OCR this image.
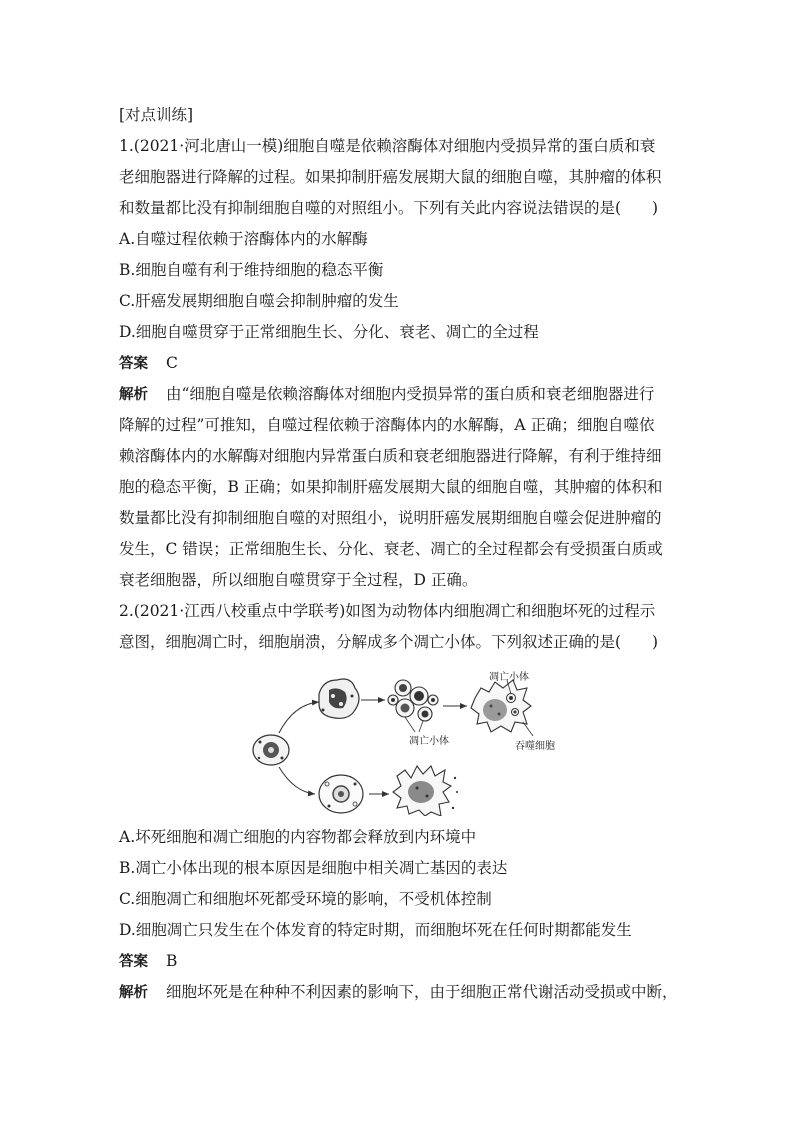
[对点训练]
1.(2021·河北唐山一模)细胞自噬是依赖溶酶体对细胞内受损异常的蛋白质和衰
老细胞器进行降解的过程。如果抑制肝癌发展期大鼠的细胞自噬，其肿瘤的体积
和数量都比没有抑制细胞自噬的对照组小。下列有关此内容说法错误的是(　　)
A.自噬过程依赖于溶酶体内的水解酶
B.细胞自噬有利于维持细胞的稳态平衡
C.肝癌发展期细胞自噬会抑制肿瘤的发生
D.细胞自噬贯穿于正常细胞生长、分化、衰老、凋亡的全过程
答案 C
解析 由“细胞自噬是依赖溶酶体对细胞内受损异常的蛋白质和衰老细胞器进行
降解的过程”可推知，自噬过程依赖于溶酶体内的水解酶，A 正确；细胞自噬依
赖溶酶体内的水解酶对细胞内异常蛋白质和衰老细胞器进行降解，有利于维持细
胞的稳态平衡，B 正确；如果抑制肝癌发展期大鼠的细胞自噬，其肿瘤的体积和
数量都比没有抑制细胞自噬的对照组小，说明肝癌发展期细胞自噬会促进肿瘤的
发生，C 错误；正常细胞生长、分化、衰老、凋亡的全过程都会有受损蛋白质或
衰老细胞器，所以细胞自噬贯穿于全过程，D 正确。
2.(2021·江西八校重点中学联考)如图为动物体内细胞凋亡和细胞坏死的过程示
意图，细胞凋亡时，细胞崩溃，分解成多个凋亡小体。下列叙述正确的是(　　)
凋亡小体
凋亡小体	吞噬细胞
A.坏死细胞和凋亡细胞的内容物都会释放到内环境中
B.凋亡小体出现的根本原因是细胞中相关凋亡基因的表达
C.细胞凋亡和细胞坏死都受环境的影响，不受机体控制
D.细胞凋亡只发生在个体发育的特定时期，而细胞坏死在任何时期都能发生
答案 B
解析 细胞坏死是在种种不利因素的影响下，由于细胞正常代谢活动受损或中断，
